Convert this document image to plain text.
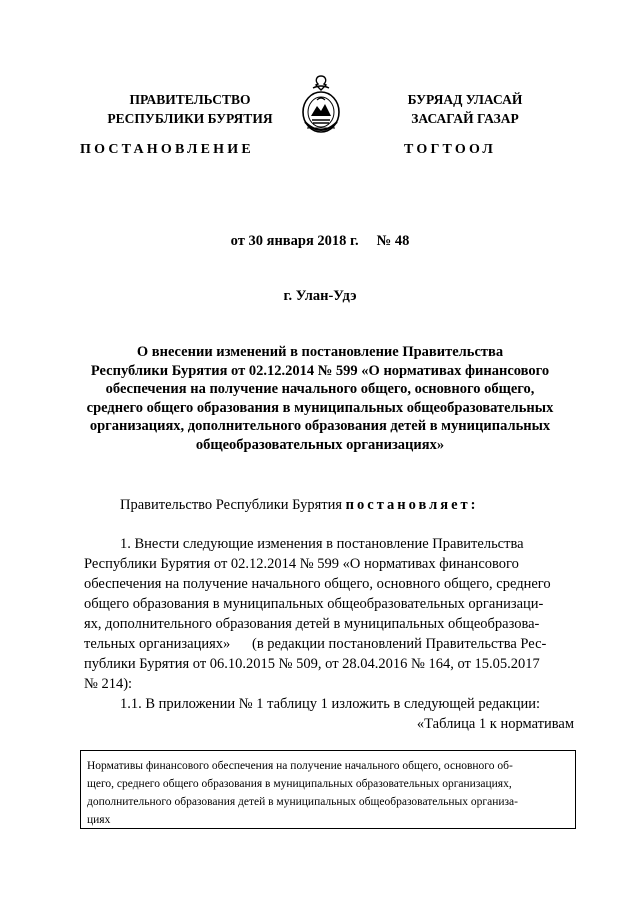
ПРАВИТЕЛЬСТВО
РЕСПУБЛИКИ БУРЯТИЯ
БУРЯАД УЛАСАЙ
ЗАСАГАЙ ГАЗАР
ПОСТАНОВЛЕНИЕ	ТОГТООЛ
от 30 января 2018 г. № 48
г. Улан-Удэ
О внесении изменений в постановление Правительства
Республики Бурятия от 02.12.2014 № 599 «О нормативах финансового
обеспечения на получение начального общего, основного общего,
среднего общего образования в муниципальных общеобразовательных
организациях, дополнительного образования детей в муниципальных
общеобразовательных организациях»
Правительство Республики Бурятия постановляет:
1. Внести следующие изменения в постановление Правительства
Республики Бурятия от 02.12.2014 № 599 «О нормативах финансового
обеспечения на получение начального общего, основного общего, среднего
общего образования в муниципальных общеобразовательных организаци-
ях, дополнительного образования детей в муниципальных общеобразова-
тельных организациях»      (в редакции постановлений Правительства Рес-
публики Бурятия от 06.10.2015 № 509, от 28.04.2016 № 164, от 15.05.2017
№ 214):
1.1. В приложении № 1 таблицу 1 изложить в следующей редакции:
«Таблица 1 к нормативам
Нормативы финансового обеспечения на получение начального общего, основного об-
щего, среднего общего образования в муниципальных образовательных организациях,
дополнительного образования детей в муниципальных общеобразовательных организа-
циях
